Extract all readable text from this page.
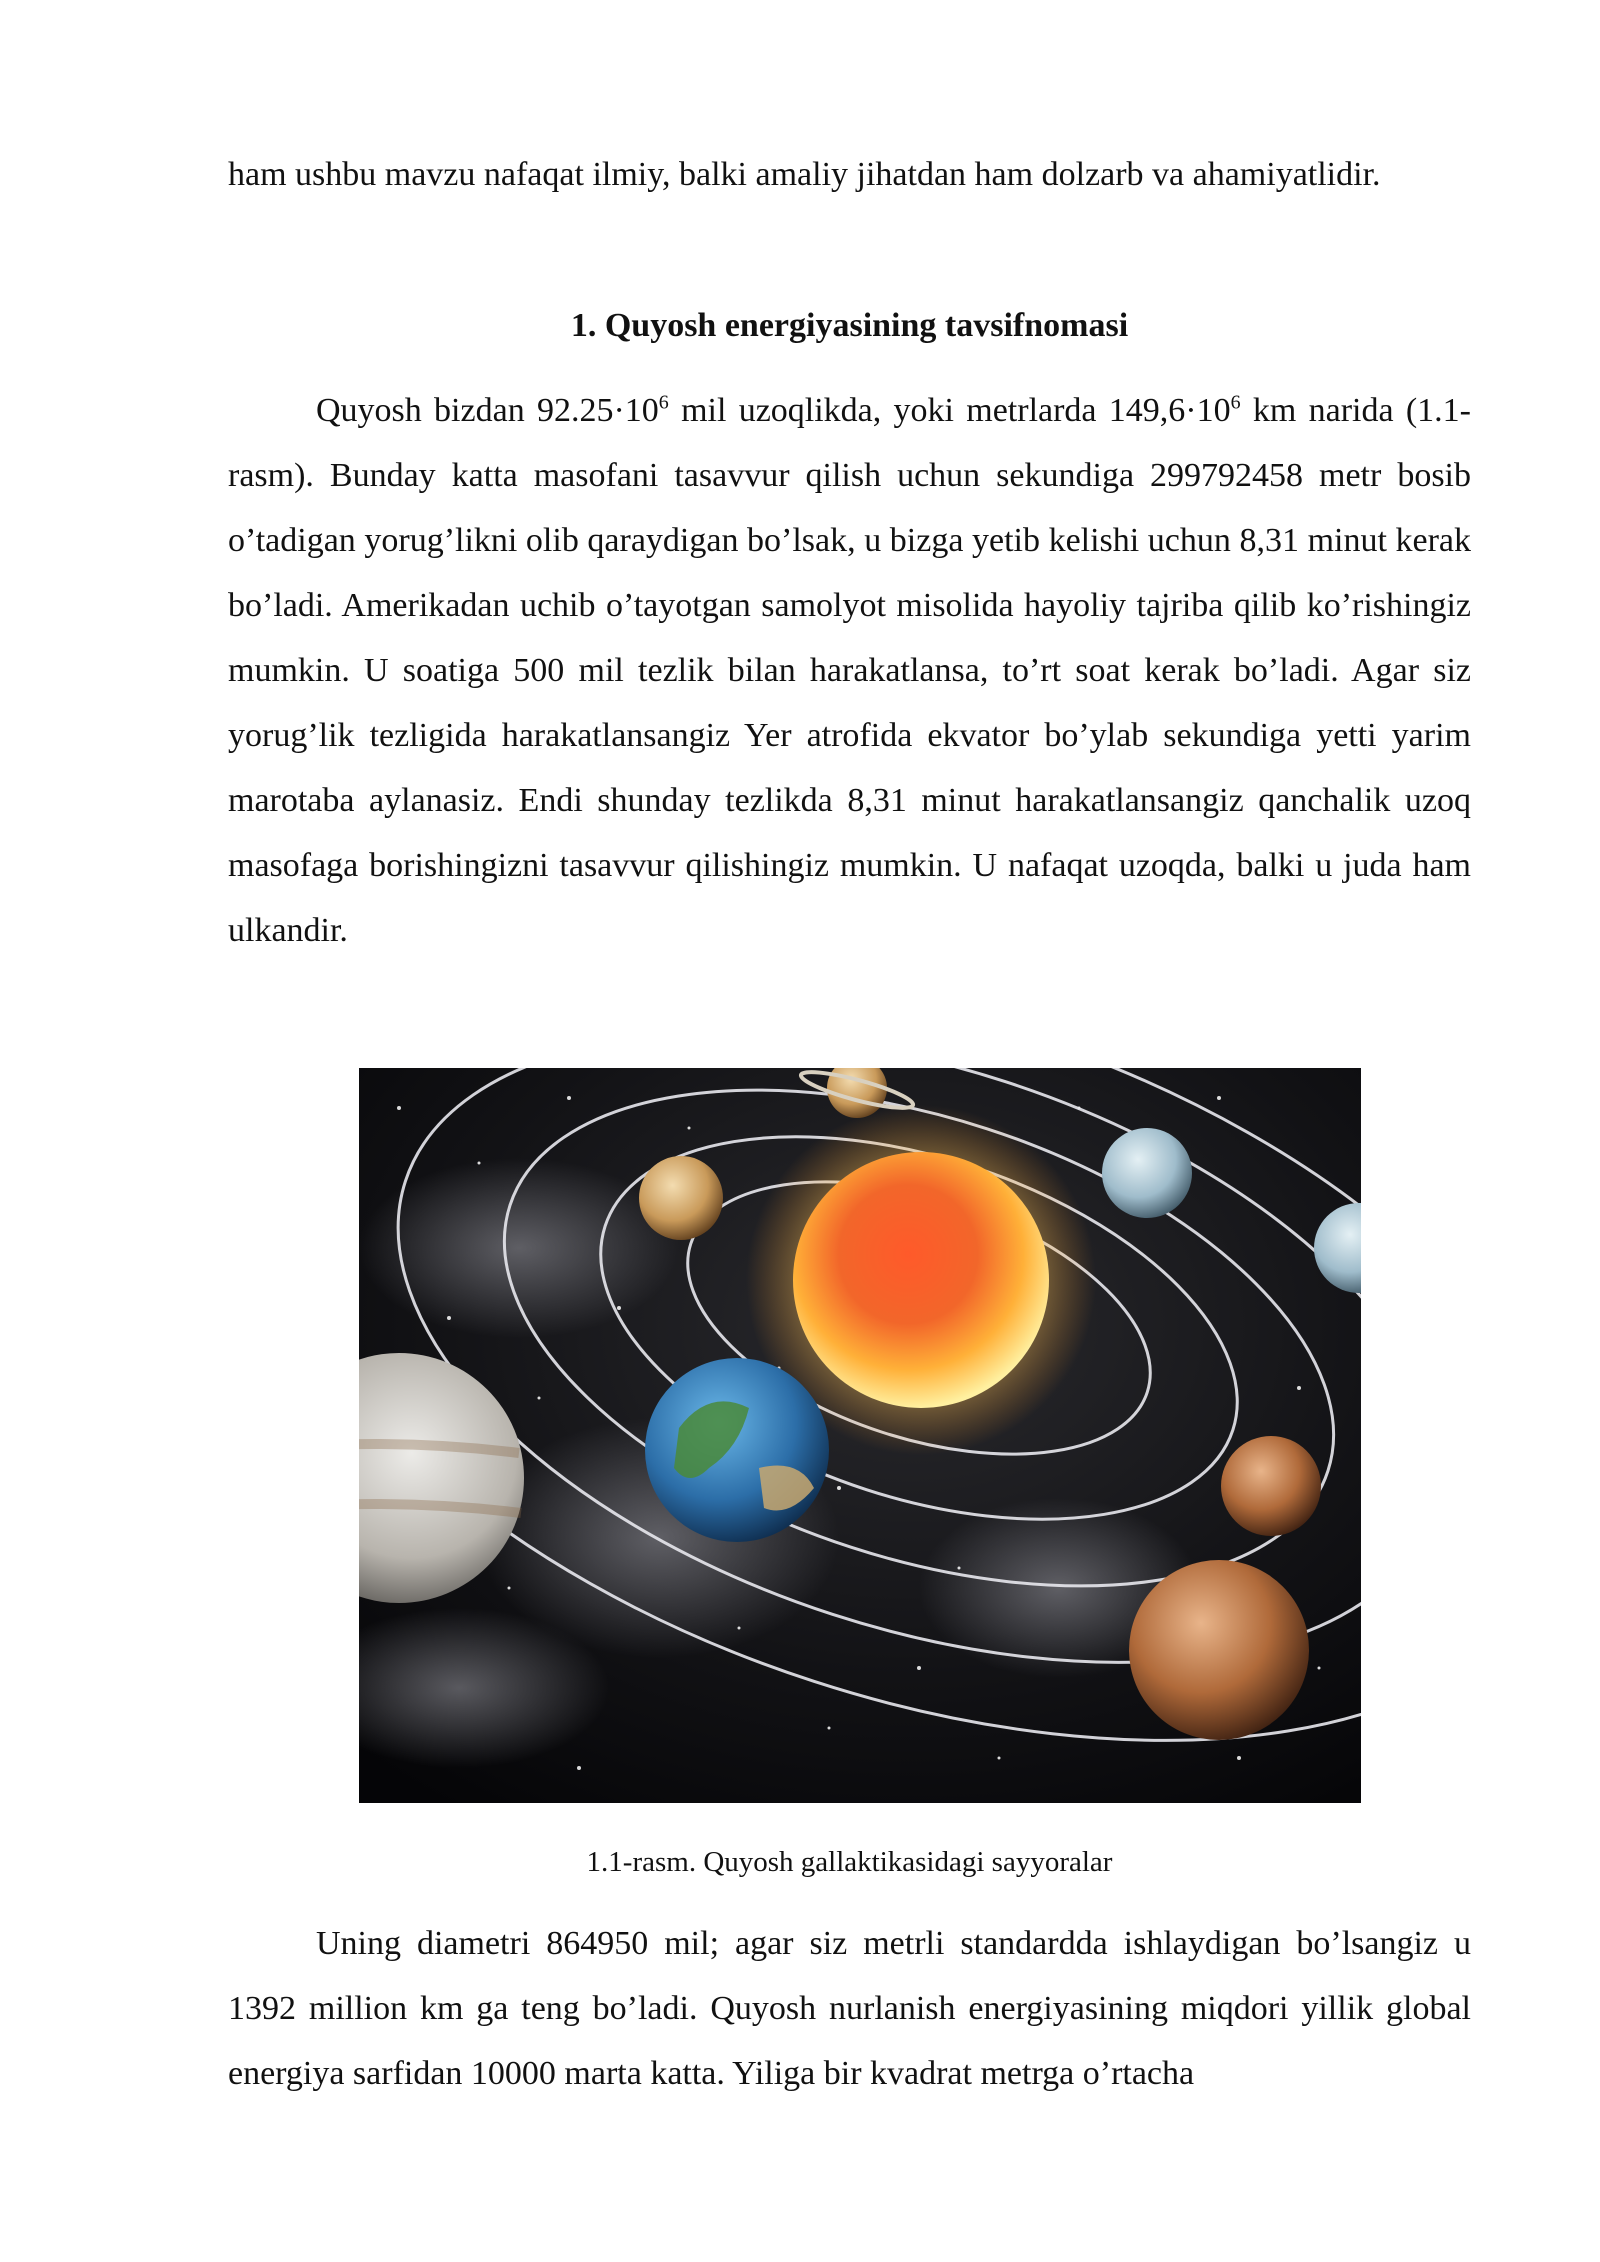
ham ushbu mavzu nafaqat ilmiy, balki amaliy jihatdan ham dolzarb va ahamiyatlidir.

1. Quyosh energiyasining tavsifnomasi

Quyosh bizdan $92.25\cdot 10^6$ mil uzoqlikda, yoki metrlarda $149,6\cdot 10^6$ km narida (1.1-rasm). Bunday katta masofani tasavvur qilish uchun sekundiga 299792458 metr bosib o’tadigan yorug’likni olib qaraydigan bo’lsak, u bizga yetib kelishi uchun 8,31 minut kerak bo’ladi. Amerikadan uchib o’tayotgan samolyot misolida hayoliy tajriba qilib ko’rishingiz mumkin. U soatiga 500 mil tezlik bilan harakatlansa, to’rt soat kerak bo’ladi. Agar siz yorug’lik tezligida harakatlansangiz Yer atrofida ekvator bo’ylab sekundiga yetti yarim marotaba aylanasiz. Endi shunday tezlikda 8,31 minut harakatlansangiz qanchalik uzoq masofaga borishingizni tasavvur qilishingiz mumkin. U nafaqat uzoqda, balki u juda ham ulkandir.

1.1-rasm. Quyosh gallaktikasidagi sayyoralar

Uning diametri 864950 mil; agar siz metrli standardda ishlaydigan bo’lsangiz u 1392 million km ga teng bo’ladi. Quyosh nurlanish energiyasining miqdori yillik global energiya sarfidan 10000 marta katta. Yiliga bir kvadrat metrga o’rtacha
